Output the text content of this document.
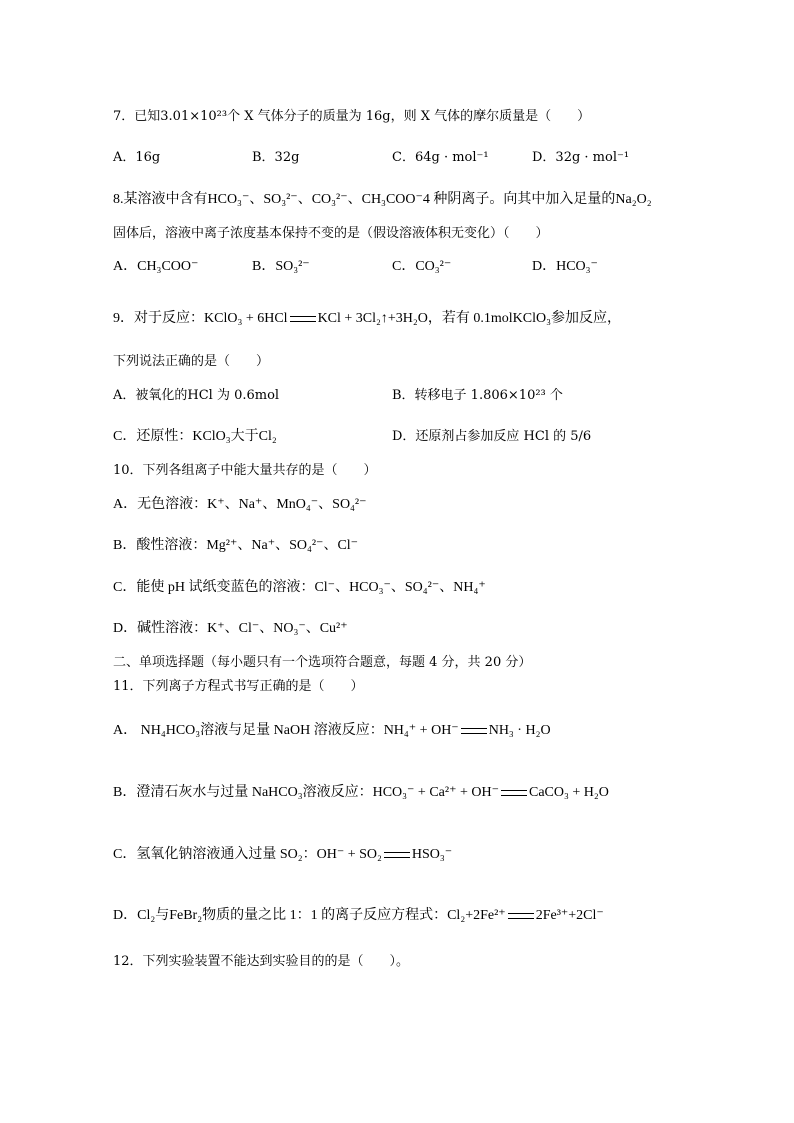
7．已知3.01×10²³个 X 气体分子的质量为 16g，则 X 气体的摩尔质量是（　　）
A．16g	B．32g	C．64g · mol⁻¹	D．32g · mol⁻¹
8.某溶液中含有HCO₃⁻、SO₃²⁻、CO₃²⁻、CH₃COO⁻4 种阴离子。向其中加入足量的Na₂O₂
固体后，溶液中离子浓度基本保持不变的是（假设溶液体积无变化）（　　）
A．CH₃COO⁻	B．SO₃²⁻	C．CO₃²⁻	D．HCO₃⁻
9．对于反应：KClO₃ + 6HCl KCl + 3Cl₂↑+3H₂O，若有 0.1molKClO₃参加反应，
下列说法正确的是（　　）
A．被氧化的HCl 为 0.6mol	B．转移电子 1.806×10²³ 个
C．还原性：KClO₃大于Cl₂	D．还原剂占参加反应 HCl 的 5/6
10．下列各组离子中能大量共存的是（　　）
A．无色溶液：K⁺、Na⁺、MnO₄⁻、SO₄²⁻
B．酸性溶液：Mg²⁺、Na⁺、SO₄²⁻、Cl⁻
C．能使 pH 试纸变蓝色的溶液：Cl⁻、HCO₃⁻、SO₄²⁻、NH₄⁺
D．碱性溶液：K⁺、Cl⁻、NO₃⁻、Cu²⁺
二、单项选择题（每小题只有一个选项符合题意，每题 4 分，共 20 分）
11．下列离子方程式书写正确的是（　　）
A． NH₄HCO₃溶液与足量 NaOH 溶液反应：NH₄⁺ + OH⁻ NH₃ · H₂O
B．澄清石灰水与过量 NaHCO₃溶液反应：HCO₃⁻ + Ca²⁺ + OH⁻ CaCO₃ + H₂O
C．氢氧化钠溶液通入过量 SO₂：OH⁻ + SO₂ HSO₃⁻
D．Cl₂与FeBr₂物质的量之比 1：1 的离子反应方程式：Cl₂+2Fe²⁺ 2Fe³⁺+2Cl⁻
12．下列实验装置不能达到实验目的的是（　　）。
